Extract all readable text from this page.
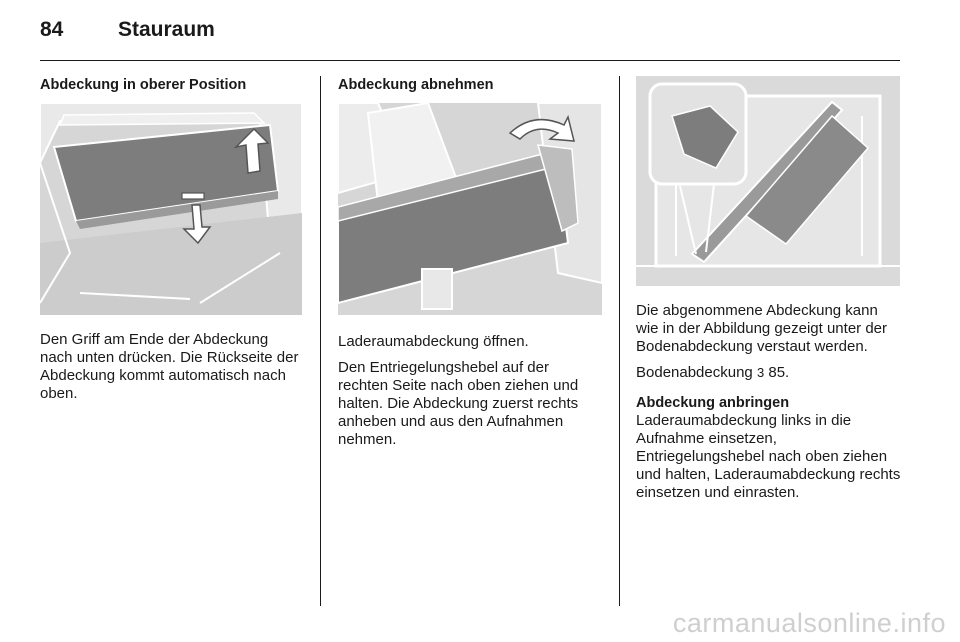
84	Stauraum
Abdeckung in oberer Position

Den Griff am Ende der Abdeckung nach unten drücken. Die Rückseite der Abdeckung kommt automatisch nach oben.

Abdeckung abnehmen

Laderaumabdeckung öffnen.

Den Entriegelungshebel auf der rechten Seite nach oben ziehen und halten. Die Abdeckung zuerst rechts anheben und aus den Aufnahmen nehmen.

Die abgenommene Abdeckung kann wie in der Abbildung gezeigt unter der Bodenabdeckung verstaut werden.

Bodenabdeckung 3 85.

Abdeckung anbringen

Laderaumabdeckung links in die Aufnahme einsetzen, Entriegelungshebel nach oben ziehen und halten, Laderaumabdeckung rechts einsetzen und einrasten.

carmanualsonline.info
